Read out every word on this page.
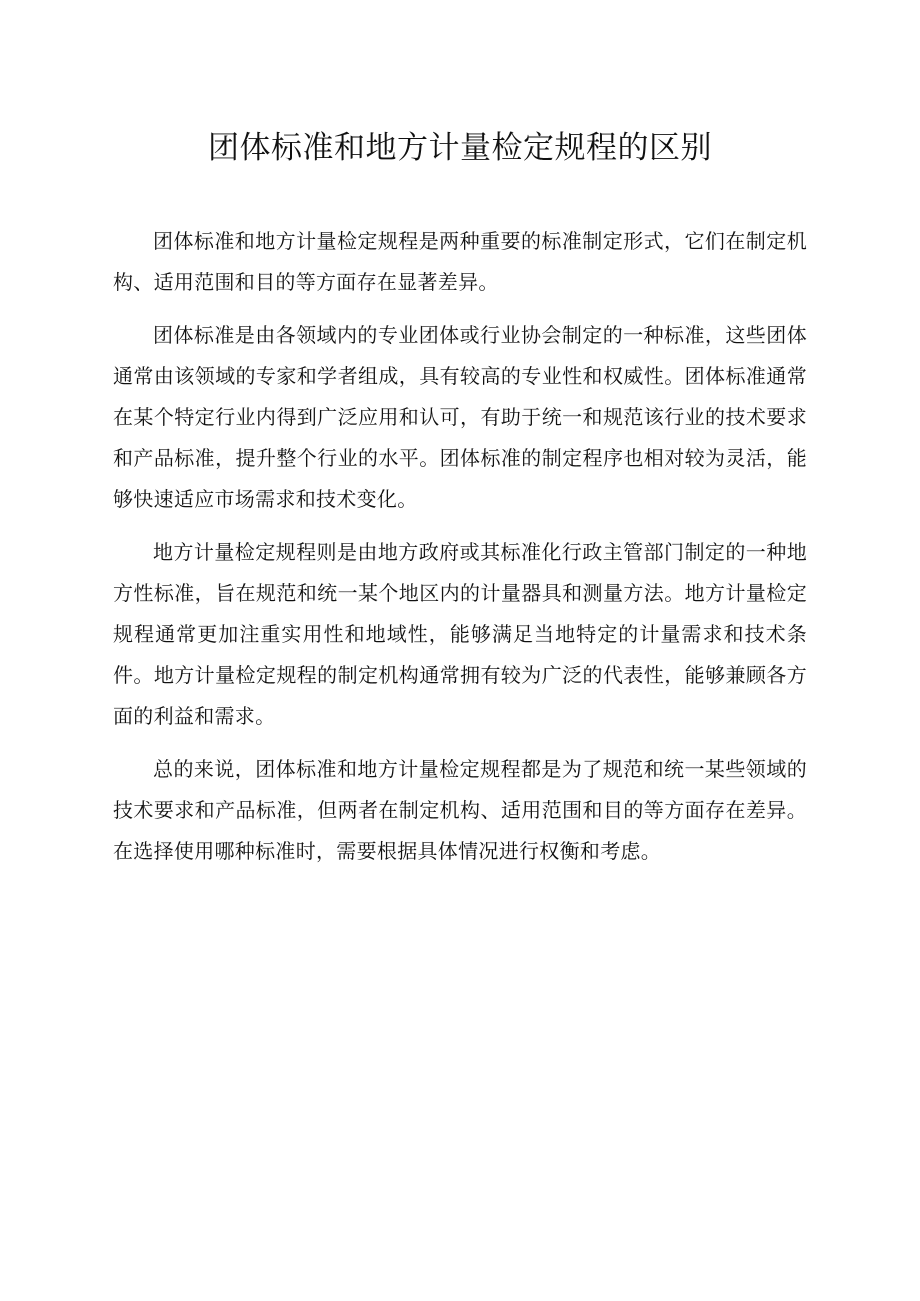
团体标准和地方计量检定规程的区别

团体标准和地方计量检定规程是两种重要的标准制定形式，它们在制定机构、适用范围和目的等方面存在显著差异。

团体标准是由各领域内的专业团体或行业协会制定的一种标准，这些团体通常由该领域的专家和学者组成，具有较高的专业性和权威性。团体标准通常在某个特定行业内得到广泛应用和认可，有助于统一和规范该行业的技术要求和产品标准，提升整个行业的水平。团体标准的制定程序也相对较为灵活，能够快速适应市场需求和技术变化。

地方计量检定规程则是由地方政府或其标准化行政主管部门制定的一种地方性标准，旨在规范和统一某个地区内的计量器具和测量方法。地方计量检定规程通常更加注重实用性和地域性，能够满足当地特定的计量需求和技术条件。地方计量检定规程的制定机构通常拥有较为广泛的代表性，能够兼顾各方面的利益和需求。

总的来说，团体标准和地方计量检定规程都是为了规范和统一某些领域的技术要求和产品标准，但两者在制定机构、适用范围和目的等方面存在差异。在选择使用哪种标准时，需要根据具体情况进行权衡和考虑。
